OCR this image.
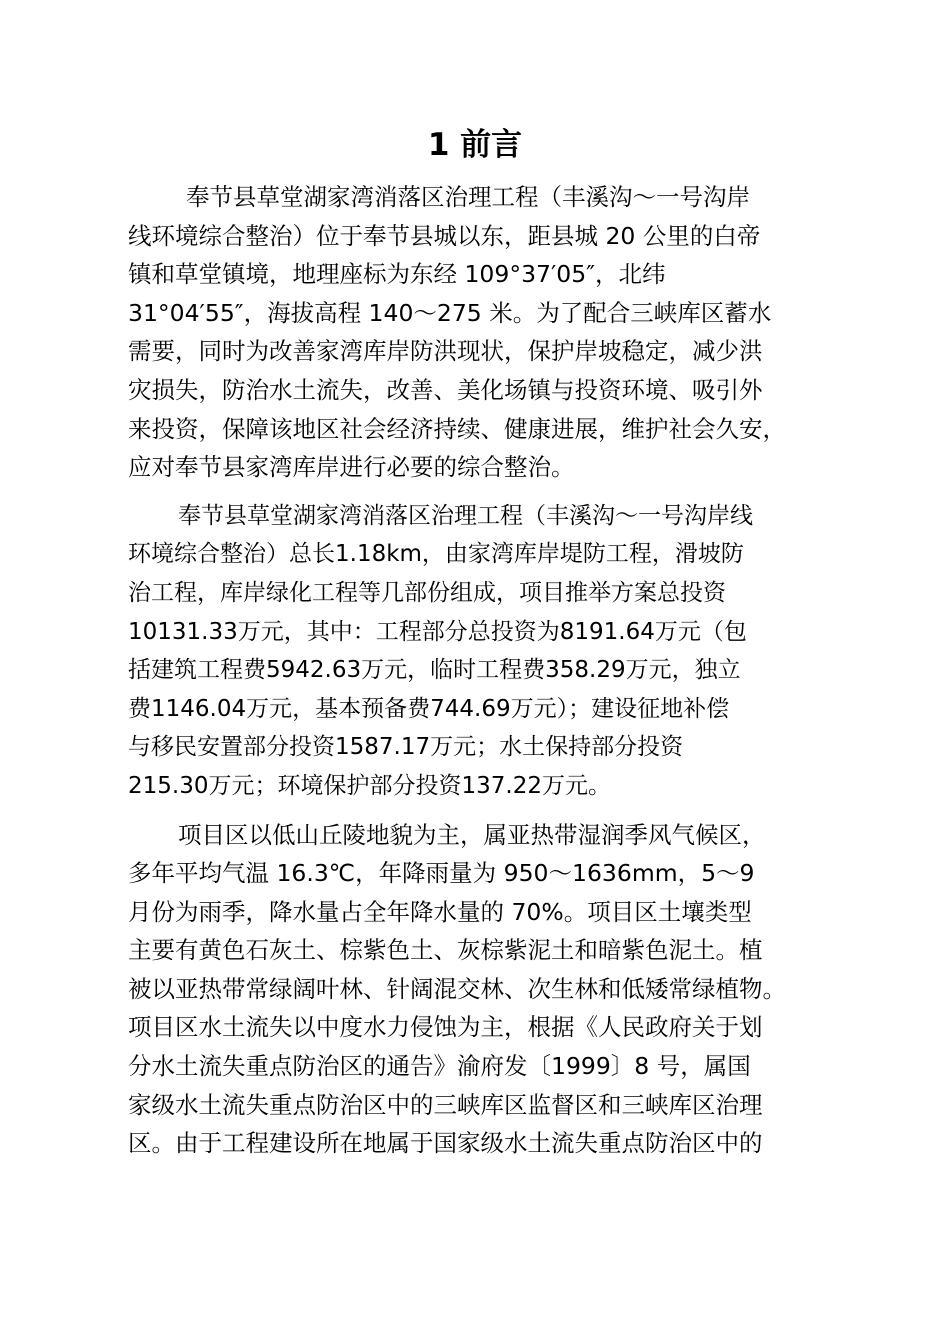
1 前言

奉节县草堂湖家湾消落区治理工程（丰溪沟～一号沟岸
线环境综合整治）位于奉节县城以东，距县城 20 公里的白帝
镇和草堂镇境，地理座标为东经 109°37′05″，北纬
31°04′55″，海拔高程 140～275 米。为了配合三峡库区蓄水
需要，同时为改善家湾库岸防洪现状，保护岸坡稳定，减少洪
灾损失，防治水土流失，改善、美化场镇与投资环境、吸引外
来投资，保障该地区社会经济持续、健康进展，维护社会久安，
应对奉节县家湾库岸进行必要的综合整治。

奉节县草堂湖家湾消落区治理工程（丰溪沟～一号沟岸线
环境综合整治）总长1.18km，由家湾库岸堤防工程，滑坡防
治工程，库岸绿化工程等几部份组成，项目推举方案总投资
10131.33万元，其中：工程部分总投资为8191.64万元（包
括建筑工程费5942.63万元，临时工程费358.29万元，独立
费1146.04万元，基本预备费744.69万元）；建设征地补偿
与移民安置部分投资1587.17万元；水土保持部分投资
215.30万元；环境保护部分投资137.22万元。

项目区以低山丘陵地貌为主，属亚热带湿润季风气候区，
多年平均气温 16.3℃，年降雨量为 950～1636mm，5～9
月份为雨季，降水量占全年降水量的 70%。项目区土壤类型
主要有黄色石灰土、棕紫色土、灰棕紫泥土和暗紫色泥土。植
被以亚热带常绿阔叶林、针阔混交林、次生林和低矮常绿植物。
项目区水土流失以中度水力侵蚀为主，根据《人民政府关于划
分水土流失重点防治区的通告》渝府发〔1999〕8 号，属国
家级水土流失重点防治区中的三峡库区监督区和三峡库区治理
区。由于工程建设所在地属于国家级水土流失重点防治区中的
